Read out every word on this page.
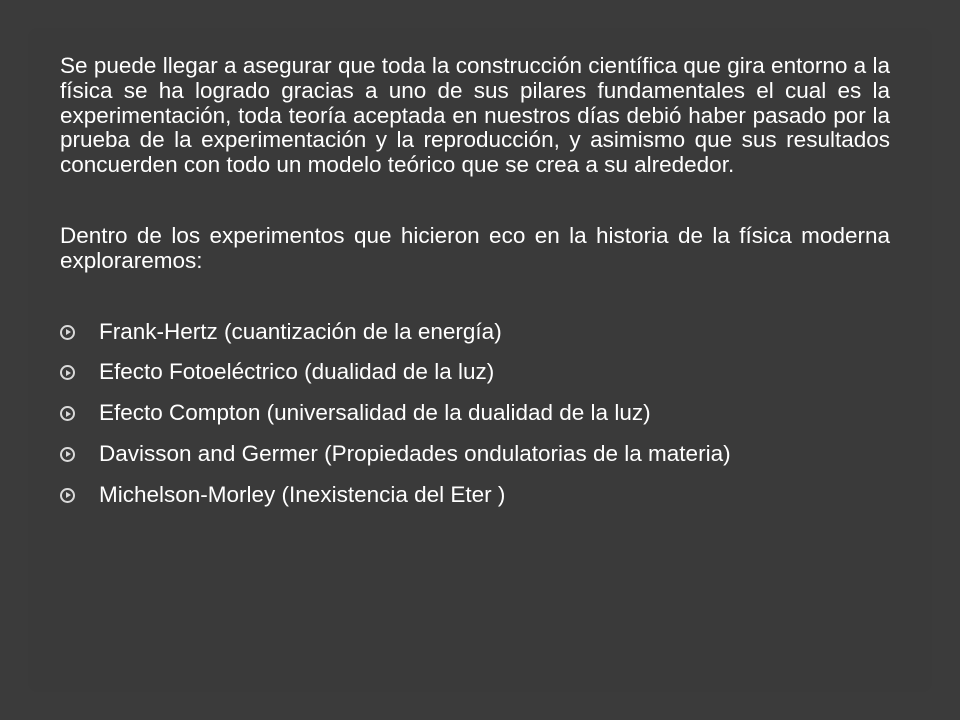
Se puede llegar a asegurar que toda la construcción científica que gira entorno a la física se ha logrado gracias a uno de sus pilares fundamentales el cual es la experimentación, toda teoría aceptada en nuestros días debió haber pasado por la prueba de la experimentación y la reproducción, y asimismo que sus resultados concuerden con todo un modelo teórico que se crea a su alrededor.

Dentro de los experimentos que hicieron eco en la historia de la física moderna exploraremos:

Frank-Hertz (cuantización de la energía)
Efecto Fotoeléctrico (dualidad de la luz)
Efecto Compton (universalidad de la dualidad de la luz)
Davisson and Germer (Propiedades ondulatorias de la materia)
Michelson-Morley (Inexistencia del Eter )
